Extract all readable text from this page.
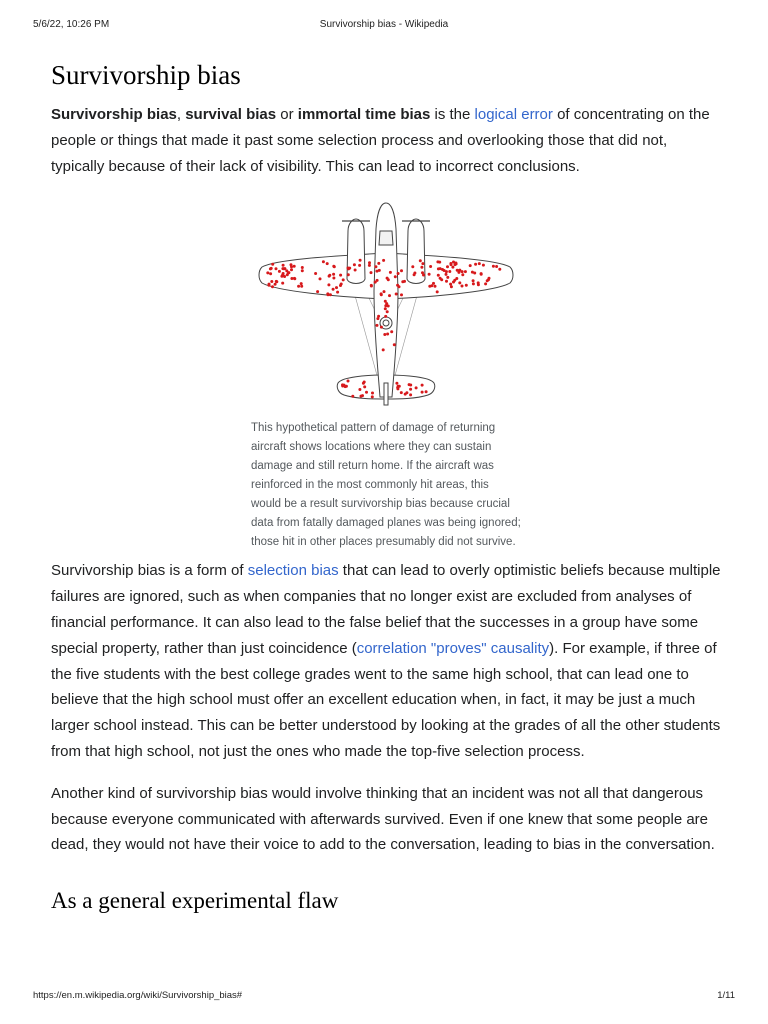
5/6/22, 10:26 PM	Survivorship bias - Wikipedia
Survivorship bias

Survivorship bias, survival bias or immortal time bias is the logical error of concentrating on the people or things that made it past some selection process and overlooking those that did not, typically because of their lack of visibility. This can lead to incorrect conclusions.

This hypothetical pattern of damage of returning aircraft shows locations where they can sustain damage and still return home. If the aircraft was reinforced in the most commonly hit areas, this would be a result survivorship bias because crucial data from fatally damaged planes was being ignored; those hit in other places presumably did not survive.

Survivorship bias is a form of selection bias that can lead to overly optimistic beliefs because multiple failures are ignored, such as when companies that no longer exist are excluded from analyses of financial performance. It can also lead to the false belief that the successes in a group have some special property, rather than just coincidence (correlation "proves" causality). For example, if three of the five students with the best college grades went to the same high school, that can lead one to believe that the high school must offer an excellent education when, in fact, it may be just a much larger school instead. This can be better understood by looking at the grades of all the other students from that high school, not just the ones who made the top-five selection process.

Another kind of survivorship bias would involve thinking that an incident was not all that dangerous because everyone communicated with afterwards survived. Even if one knew that some people are dead, they would not have their voice to add to the conversation, leading to bias in the conversation.

As a general experimental flaw
https://en.m.wikipedia.org/wiki/Survivorship_bias#	1/11
